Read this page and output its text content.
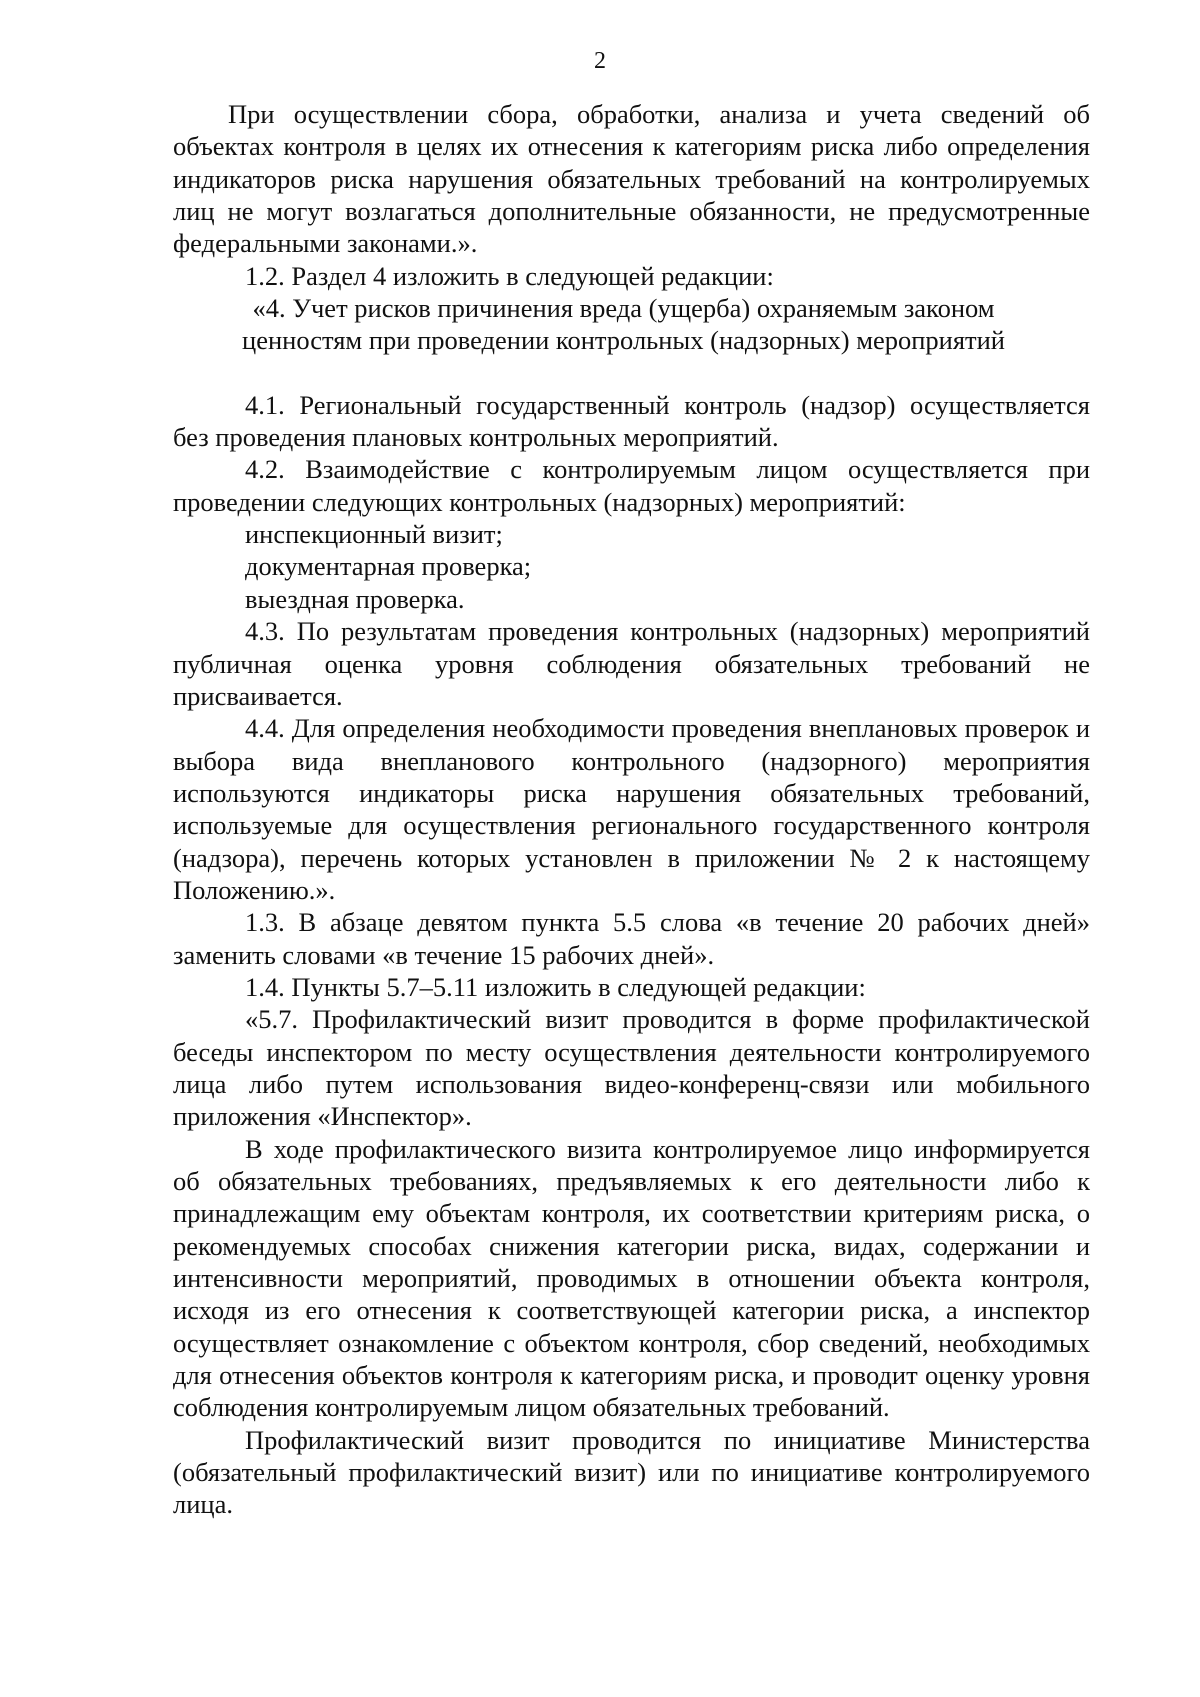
2

При осуществлении сбора, обработки, анализа и учета сведений об объектах контроля в целях их отнесения к категориям риска либо определения индикаторов риска нарушения обязательных требований на контролируемых лиц не могут возлагаться дополнительные обязанности, не предусмотренные федеральными законами.».

1.2. Раздел 4 изложить в следующей редакции:

«4. Учет рисков причинения вреда (ущерба) охраняемым законом ценностям при проведении контрольных (надзорных) мероприятий

4.1. Региональный государственный контроль (надзор) осуществляется без проведения плановых контрольных мероприятий.

4.2. Взаимодействие с контролируемым лицом осуществляется при проведении следующих контрольных (надзорных) мероприятий:

инспекционный визит;

документарная проверка;

выездная проверка.

4.3. По результатам проведения контрольных (надзорных) мероприятий публичная оценка уровня соблюдения обязательных требований не присваивается.

4.4. Для определения необходимости проведения внеплановых проверок и выбора вида внепланового контрольного (надзорного) мероприятия используются индикаторы риска нарушения обязательных требований, используемые для осуществления регионального государственного контроля (надзора), перечень которых установлен в приложении № 2 к настоящему Положению.».

1.3. В абзаце девятом пункта 5.5 слова «в течение 20 рабочих дней» заменить словами «в течение 15 рабочих дней».

1.4. Пункты 5.7–5.11 изложить в следующей редакции:

«5.7. Профилактический визит проводится в форме профилактической беседы инспектором по месту осуществления деятельности контролируемого лица либо путем использования видео-конференц-связи или мобильного приложения «Инспектор».

В ходе профилактического визита контролируемое лицо информируется об обязательных требованиях, предъявляемых к его деятельности либо к принадлежащим ему объектам контроля, их соответствии критериям риска, о рекомендуемых способах снижения категории риска, видах, содержании и интенсивности мероприятий, проводимых в отношении объекта контроля, исходя из его отнесения к соответствующей категории риска, а инспектор осуществляет ознакомление с объектом контроля, сбор сведений, необходимых для отнесения объектов контроля к категориям риска, и проводит оценку уровня соблюдения контролируемым лицом обязательных требований.

Профилактический визит проводится по инициативе Министерства (обязательный профилактический визит) или по инициативе контролируемого лица.
